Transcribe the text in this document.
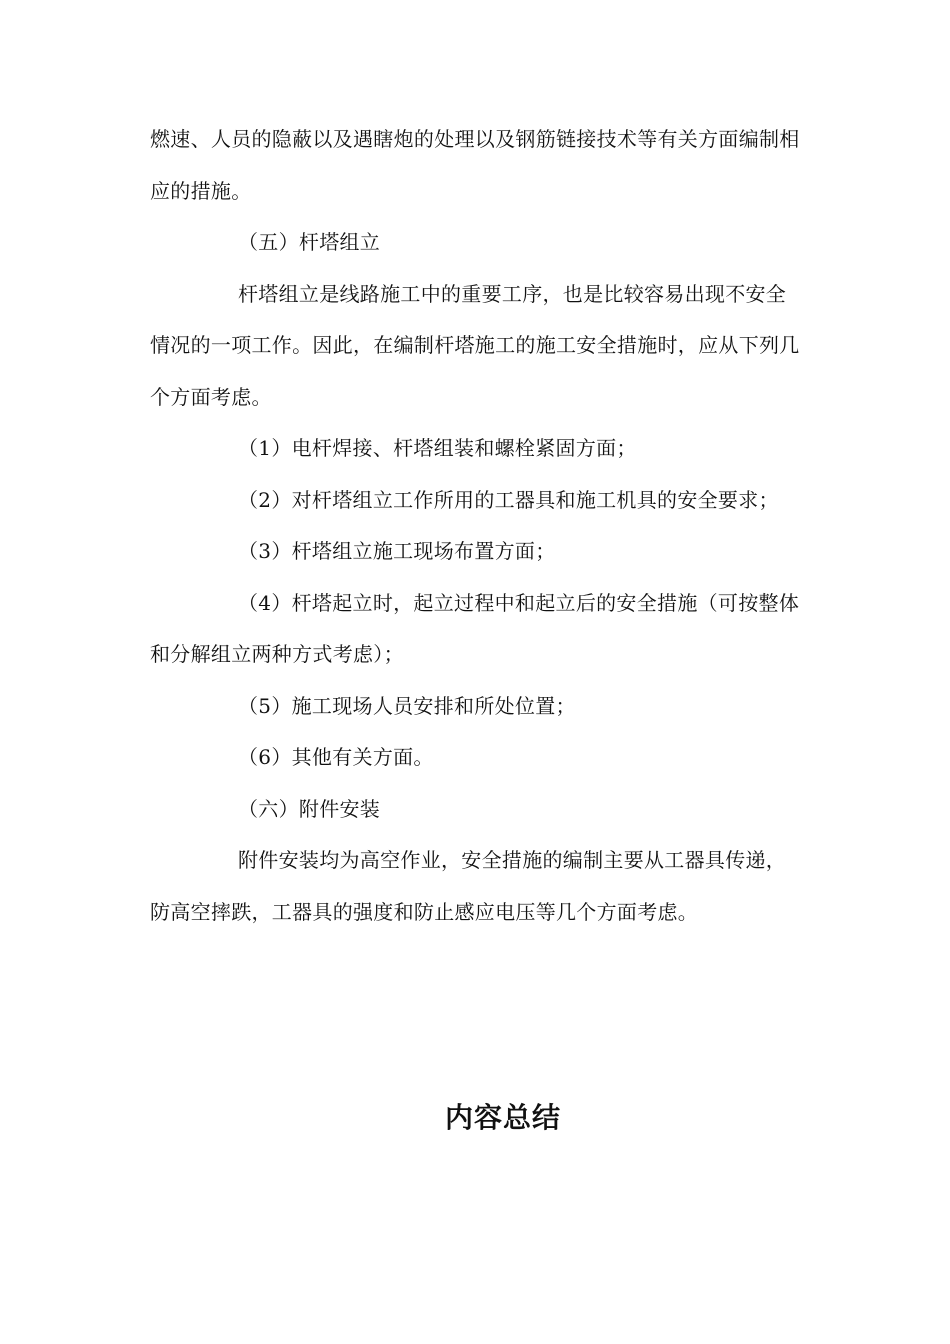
燃速、人员的隐蔽以及遇瞎炮的处理以及钢筋链接技术等有关方面编制相应的措施。

（五）杆塔组立

杆塔组立是线路施工中的重要工序，也是比较容易出现不安全情况的一项工作。因此，在编制杆塔施工的施工安全措施时，应从下列几个方面考虑。

（1）电杆焊接、杆塔组装和螺栓紧固方面；

（2）对杆塔组立工作所用的工器具和施工机具的安全要求；

（3）杆塔组立施工现场布置方面；

（4）杆塔起立时，起立过程中和起立后的安全措施（可按整体和分解组立两种方式考虑）；

（5）施工现场人员安排和所处位置；

（6）其他有关方面。

（六）附件安装

附件安装均为高空作业，安全措施的编制主要从工器具传递，防高空摔跌，工器具的强度和防止感应电压等几个方面考虑。

内容总结
